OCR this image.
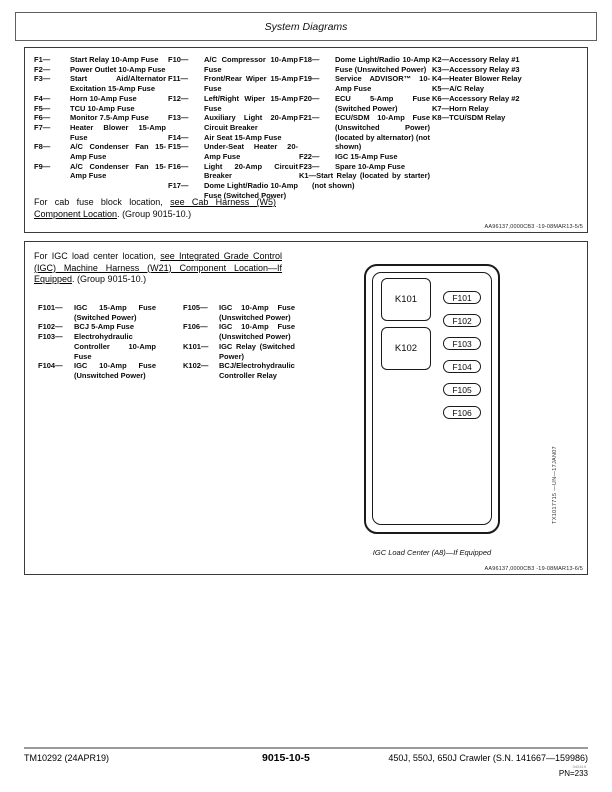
System Diagrams
F1—	Start Relay 10-Amp Fuse
F2—	Power Outlet 10-Amp Fuse
F3—	Start Aid/Alternator Excitation 15-Amp Fuse
F4—	Horn 10-Amp Fuse
F5—	TCU 10-Amp Fuse
F6—	Monitor 7.5-Amp Fuse
F7—	Heater Blower 15-Amp Fuse
F8—	A/C Condenser Fan 15-Amp Fuse
F9—	A/C Condenser Fan 15-Amp Fuse
F10— A/C Compressor 10-Amp Fuse
F11— Front/Rear Wiper 15-Amp Fuse
F12— Left/Right Wiper 15-Amp Fuse
F13— Auxiliary Light 20-Amp Circuit Breaker
F14— Air Seat 15-Amp Fuse
F15— Under-Seat Heater 20-Amp Fuse
F16— Light 20-Amp Circuit Breaker
F17— Dome Light/Radio 10-Amp Fuse (Switched Power)
F18— Dome Light/Radio 10-Amp Fuse (Unswitched Power)
F19— Service ADVISOR™ 10-Amp Fuse
F20— ECU 5-Amp Fuse (Switched Power)
F21— ECU/SDM 10-Amp Fuse (Unswitched Power) (located by alternator) (not shown)
F22— IGC 15-Amp Fuse
F23— Spare 10-Amp Fuse
K1—Start Relay (located by starter) (not shown)
K2—Accessory Relay #1
K3—Accessory Relay #3
K4—Heater Blower Relay
K5—A/C Relay
K6—Accessory Relay #2
K7—Horn Relay
K8—TCU/SDM Relay

For cab fuse block location, see Cab Harness (W5) Component Location. (Group 9015-10.)

AA96137,0000CB3 -19-08MAR13-5/5

For IGC load center location, see Integrated Grade Control (IGC) Machine Harness (W21) Component Location—If Equipped. (Group 9015-10.)

F101— IGC 15-Amp Fuse (Switched Power)
F102— BCJ 5-Amp Fuse
F103— Electrohydraulic Controller 10-Amp Fuse
F104— IGC 10-Amp Fuse (Unswitched Power)
F105— IGC 10-Amp Fuse (Unswitched Power)
F106— IGC 10-Amp Fuse (Unswitched Power)
K101— IGC Relay (Switched Power)
K102— BCJ/Electrohydraulic Controller Relay
K101
K102
F101
F102
F103
F104
F105
F106
TX1017715 —UN—17JAN07
IGC Load Center (A8)—If Equipped
AA96137,0000CB3 -19-08MAR13-6/5
TM10292 (24APR19)	9015-10-5	450J, 550J, 650J Crawler (S.N. 141667—159986)
042419
PN=233
